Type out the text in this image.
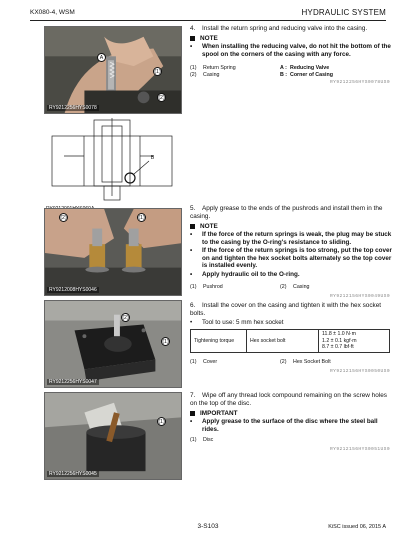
KX080-4, WSM	HYDRAULIC SYSTEM
(1)
(2)
A
RY9212256HYS0078
B
(2)	(1)
RY9212008HYS0046
(2)
(1)
RY9212256HYS0047
(1)
RY9212256HYS0045
4. Install the return spring and reducing valve into the casing.
NOTE
• When installing the reducing valve, do not hit the bottom of the spool on the corners of the casing with any force.
(1)	Return Spring	A : Reducing Valve
(2)	Casing	B : Corner of Casing
RY9212256HYS0078US0
5. Apply grease to the ends of the pushrods and install them in the casing.
NOTE
• If the force of the return springs is weak, the plug may be stuck to the casing by the O-ring's resistance to sliding.
• If the force of the return springs is too strong, put the top cover on and tighten the hex socket bolts alternately so the top cover is installed evenly.
• Apply hydraulic oil to the O-ring.
(1)	Pushrod	(2)	Casing
RY9212156HYS0049US0
6. Install the cover on the casing and tighten it with the hex socket bolts.
• Tool to use: 5 mm hex socket
Tightening torque	Hex socket bolt	
11.8 ± 1.0 N·m
1.2 ± 0.1 kgf·m
8.7 ± 0.7 lbf·ft
(1)	Cover	(2)	Hex Socket Bolt
RY9212156HYS0050US0
7. Wipe off any thread lock compound remaining on the screw holes on the top of the disc.
IMPORTANT
• Apply grease to the surface of the disc where the steel ball rides.
(1)	Disc
RY9212156HYS0051US0
3-S103	KiSC issued 06, 2015 A
